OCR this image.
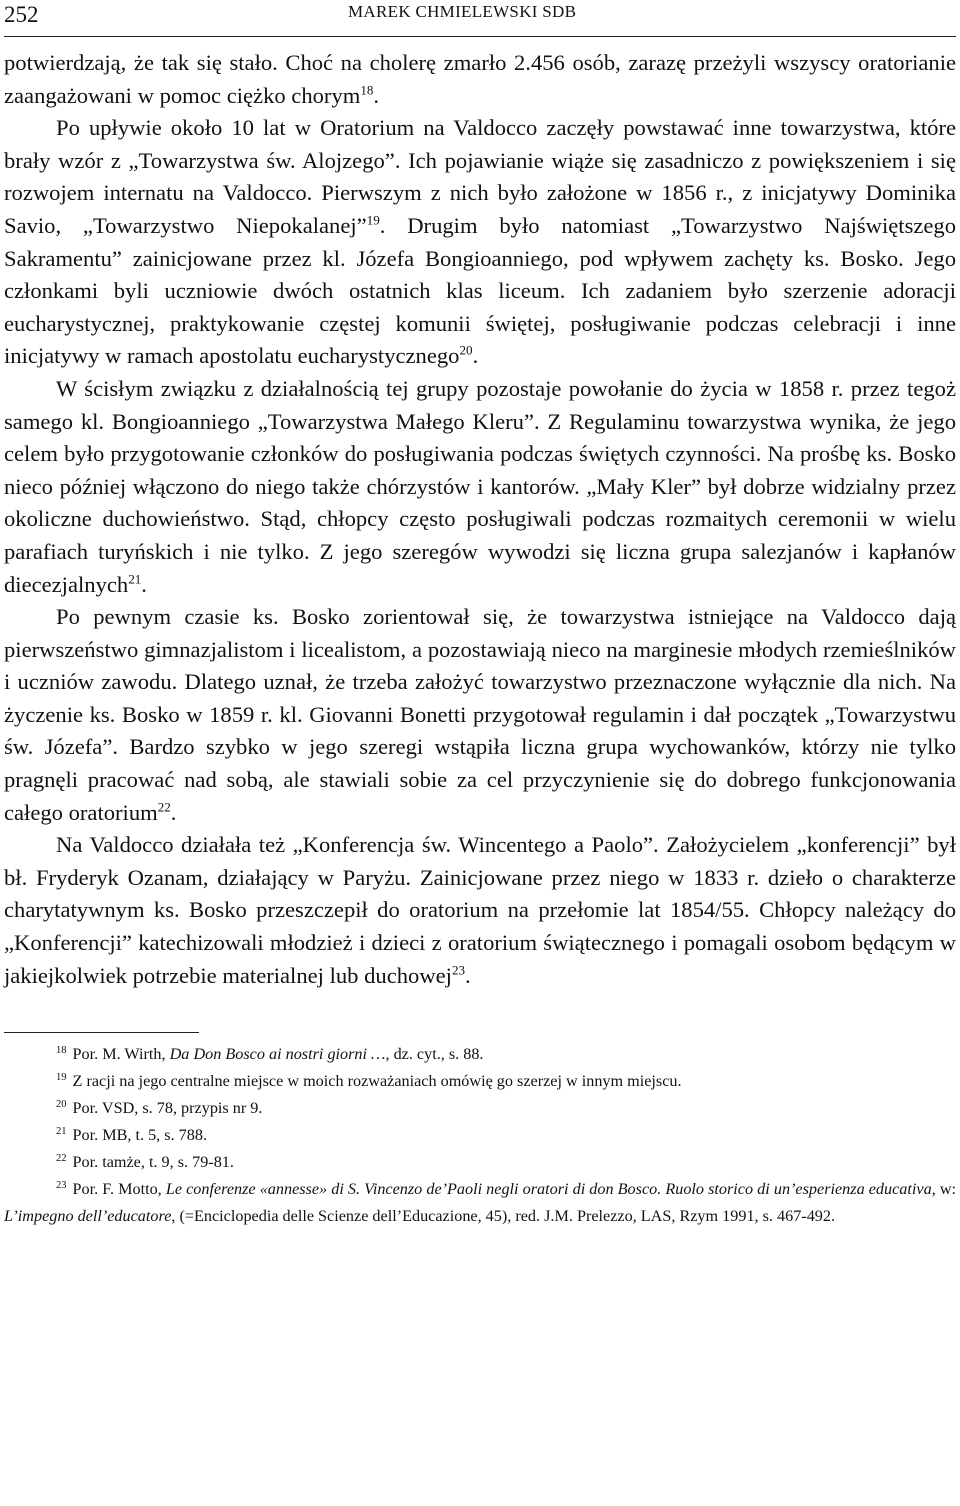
252	MAREK CHMIELEWSKI SDB

potwierdzają, że tak się stało. Choć na cholerę zmarło 2.456 osób, zarazę przeżyli wszyscy oratorianie zaangażowani w pomoc ciężko chorym$^{18}$.

Po upływie około 10 lat w Oratorium na Valdocco zaczęły powstawać inne towarzystwa, które brały wzór z „Towarzystwa św. Alojzego”. Ich pojawianie wiąże się zasadniczo z powiększeniem i się rozwojem internatu na Valdocco. Pierwszym z nich było założone w 1856 r., z inicjatywy Dominika Savio, „Towarzystwo Niepokalanej”$^{19}$. Drugim było natomiast „Towarzystwo Najświętszego Sakramentu” zainicjowane przez kl. Józefa Bongioanniego, pod wpływem zachęty ks. Bosko. Jego członkami byli uczniowie dwóch ostatnich klas liceum. Ich zadaniem było szerzenie adoracji eucharystycznej, praktykowanie częstej komunii świętej, posługiwanie podczas celebracji i inne inicjatywy w ramach apostolatu eucharystycznego$^{20}$.

W ścisłym związku z działalnością tej grupy pozostaje powołanie do życia w 1858 r. przez tegoż samego kl. Bongioanniego „Towarzystwa Małego Kleru”. Z Regulaminu towarzystwa wynika, że jego celem było przygotowanie członków do posługiwania podczas świętych czynności. Na prośbę ks. Bosko nieco później włączono do niego także chórzystów i kantorów. „Mały Kler” był dobrze widzialny przez okoliczne duchowieństwo. Stąd, chłopcy często posługiwali podczas rozmaitych ceremonii w wielu parafiach turyńskich i nie tylko. Z jego szeregów wywodzi się liczna grupa salezjanów i kapłanów diecezjalnych$^{21}$.

Po pewnym czasie ks. Bosko zorientował się, że towarzystwa istniejące na Valdocco dają pierwszeństwo gimnazjalistom i licealistom, a pozostawiają nieco na marginesie młodych rzemieślników i uczniów zawodu. Dlatego uznał, że trzeba założyć towarzystwo przeznaczone wyłącznie dla nich. Na życzenie ks. Bosko w 1859 r. kl. Giovanni Bonetti przygotował regulamin i dał początek „Towarzystwu św. Józefa”. Bardzo szybko w jego szeregi wstąpiła liczna grupa wychowanków, którzy nie tylko pragnęli pracować nad sobą, ale stawiali sobie za cel przyczynienie się do dobrego funkcjonowania całego oratorium$^{22}$.

Na Valdocco działała też „Konferencja św. Wincentego a Paolo”. Założycielem „konferencji” był bł. Fryderyk Ozanam, działający w Paryżu. Zainicjowane przez niego w 1833 r. dzieło o charakterze charytatywnym ks. Bosko przeszczepił do oratorium na przełomie lat 1854/55. Chłopcy należący do „Konferencji” katechizowali młodzież i dzieci z oratorium świątecznego i pomagali osobom będącym w jakiejkolwiek potrzebie materialnej lub duchowej$^{23}$.

$^{18}$ Por. M. Wirth, Da Don Bosco ai nostri giorni …, dz. cyt., s. 88.
$^{19}$ Z racji na jego centralne miejsce w moich rozważaniach omówię go szerzej w innym miejscu.
$^{20}$ Por. VSD, s. 78, przypis nr 9.
$^{21}$ Por. MB, t. 5, s. 788.
$^{22}$ Por. tamże, t. 9, s. 79-81.
$^{23}$ Por. F. Motto, Le conferenze «annesse» di S. Vincenzo de’Paoli negli oratori di don Bosco. Ruolo storico di un’esperienza educativa, w: L’impegno dell’educatore, (=Enciclopedia delle Scienze dell’Educazione, 45), red. J.M. Prelezzo, LAS, Rzym 1991, s. 467-492.
